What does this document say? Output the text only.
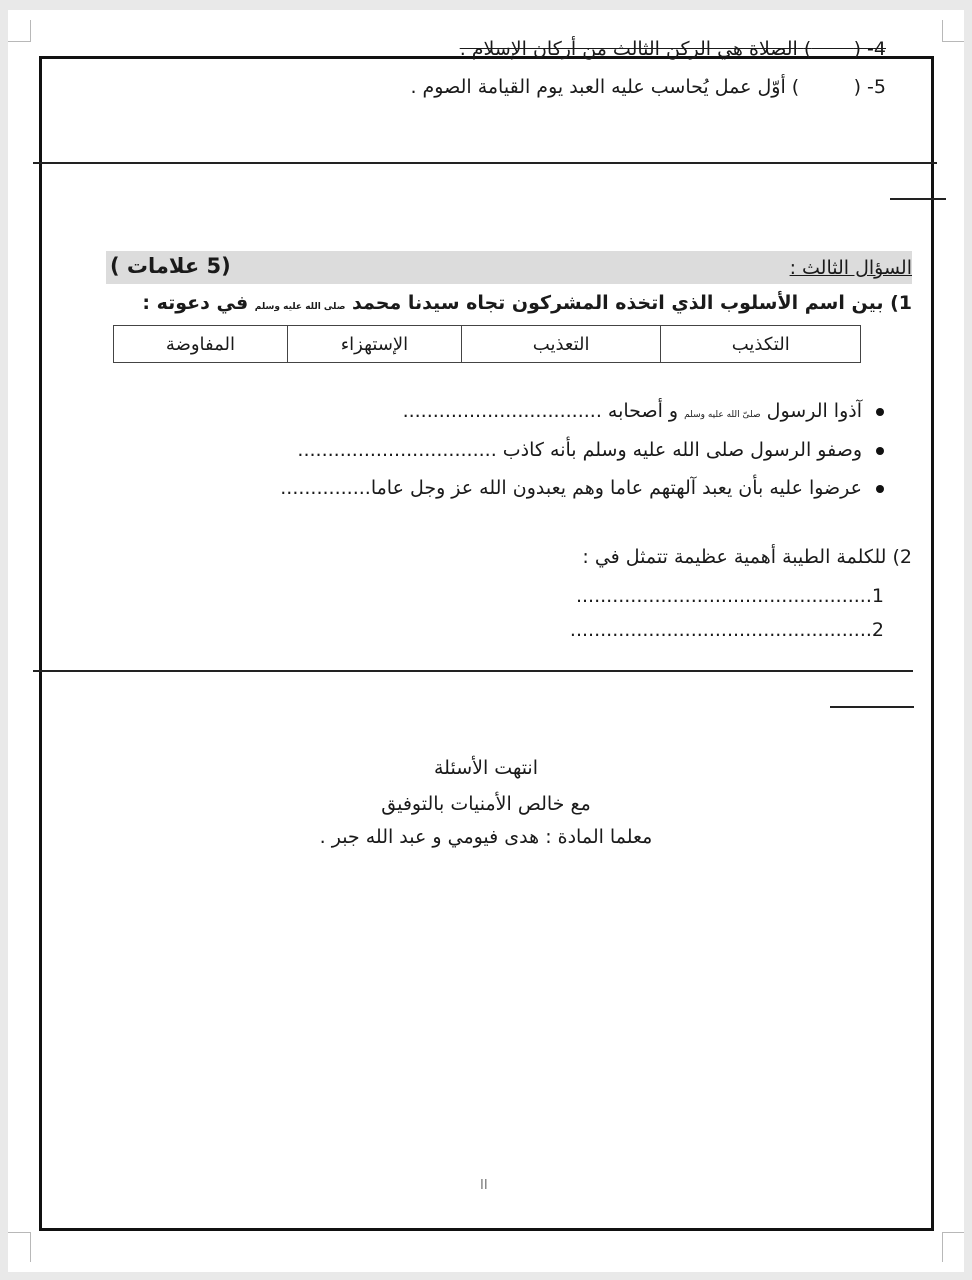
4- (       ) الصلاة هي الركن الثالث من أركان الإسلام .
5- (         ) أوّل عمل يُحاسب عليه العبد يوم القيامة الصوم .
السؤال الثالث :
(5 علامات )
1) بين اسم الأسلوب الذي اتخذه المشركون تجاه سيدنا محمد صلى الله عليه وسلم في دعوته :
التكذيب	التعذيب	الإستهزاء	المفاوضة
آذوا الرسول صلىّ الله عليه وسلم و أصحابه .................................
وصفو الرسول صلى الله عليه وسلم بأنه كاذب .................................
عرضوا عليه بأن يعبد آلهتهم عاما وهم يعبدون الله عز وجل عاما...............
2) للكلمة الطيبة أهمية عظيمة تتمثل في :
1.................................................
2..................................................
انتهت الأسئلة
مع خالص الأمنيات بالتوفيق
معلما المادة : هدى فيومي و عبد الله جبر .
II
